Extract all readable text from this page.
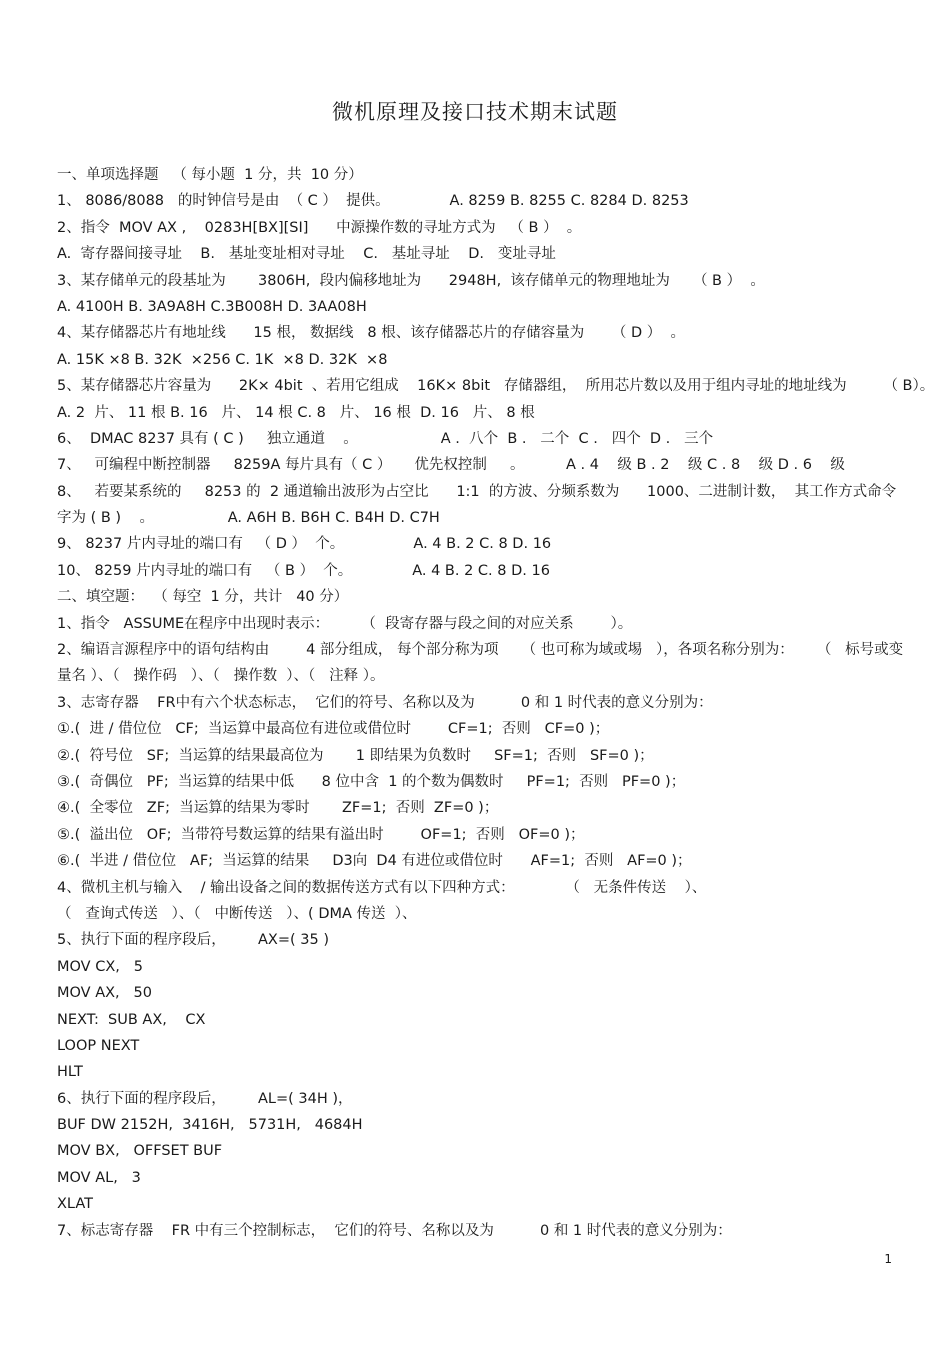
微机原理及接口技术期末试题
一、单项选择题   （ 每小题  1 分，共  10 分）
1、 8086/8088   的时钟信号是由  （ C ）  提供。             A. 8259 B. 8255 C. 8284 D. 8253
2、指令  MOV AX ,    0283H[BX][SI]      中源操作数的寻址方式为   （ B ）  。
A.  寄存器间接寻址    B.   基址变址相对寻址    C.   基址寻址    D.   变址寻址
3、某存储单元的段基址为       3806H,  段内偏移地址为      2948H,  该存储单元的物理地址为     （ B ）  。
A. 4100H B. 3A9A8H C.3B008H D. 3AA08H
4、某存储器芯片有地址线      15 根， 数据线   8 根、该存储器芯片的存储容量为      （ D ）  。
A. 15K ×8 B. 32K  ×256 C. 1K  ×8 D. 32K  ×8
5、某存储器芯片容量为      2K× 4bit  、若用它组成    16K× 8bit   存储器组，  所用芯片数以及用于组内寻址的地址线为        （ B）。
A. 2  片、 11 根 B. 16   片、 14 根 C. 8   片、 16 根  D. 16   片、 8 根
6、  DMAC 8237 具有 ( C )     独立通道    。                  A .  八个  B .   二个  C .   四个  D .   三个
7、   可编程中断控制器     8259A 每片具有（ C ）     优先权控制     。         A . 4    级 B . 2    级 C . 8    级 D . 6    级
8、   若要某系统的     8253 的  2 通道输出波形为占空比      1:1  的方波、分频系数为      1000、二进制计数，  其工作方式命令
字为 ( B )    。                A. A6H B. B6H C. B4H D. C7H
9、 8237 片内寻址的端口有   （ D ）  个。               A. 4 B. 2 C. 8 D. 16
10、 8259 片内寻址的端口有   （ B ）  个。             A. 4 B. 2 C. 8 D. 16
二、填空题：  （ 每空  1 分，共计   40 分）
1、指令   ASSUME在程序中出现时表示：       （  段寄存器与段之间的对应关系        ）。
2、编语言源程序中的语句结构由        4 部分组成， 每个部分称为项     （ 也可称为域或埸   ），各项名称分别为：     （   标号或变
量名 ）、（   操作码   ）、（   操作数  ）、（   注释 ）。
3、志寄存器    FR中有六个状态标志，  它们的符号、名称以及为          0 和 1 时代表的意义分别为：
①.(  进 / 借位位   CF;  当运算中最高位有进位或借位时        CF=1;  否则   CF=0 )；
②.(  符号位   SF;  当运算的结果最高位为       1 即结果为负数时     SF=1;  否则   SF=0 )；
③.(  奇偶位   PF;  当运算的结果中低      8 位中含  1 的个数为偶数时     PF=1;  否则   PF=0 )；
④.(  全零位   ZF;  当运算的结果为零时       ZF=1;  否则  ZF=0 )；
⑤.(  溢出位   OF;  当带符号数运算的结果有溢出时        OF=1;  否则   OF=0 )；
⑥.(  半进 / 借位位   AF;  当运算的结果     D3向  D4 有进位或借位时      AF=1;  否则   AF=0 )；
4、微机主机与输入    / 输出设备之间的数据传送方式有以下四种方式：           （   无条件传送    ）、
（   查询式传送   ）、（   中断传送   ）、( DMA 传送  ）、
5、执行下面的程序段后，       AX=( 35 )
MOV CX,   5
MOV AX,   50
NEXT:  SUB AX,    CX
LOOP NEXT
HLT
6、执行下面的程序段后，       AL=( 34H )，
BUF DW 2152H,  3416H,   5731H,   4684H
MOV BX,   OFFSET BUF
MOV AL,   3
XLAT
7、标志寄存器    FR 中有三个控制标志，  它们的符号、名称以及为          0 和 1 时代表的意义分别为：
1
